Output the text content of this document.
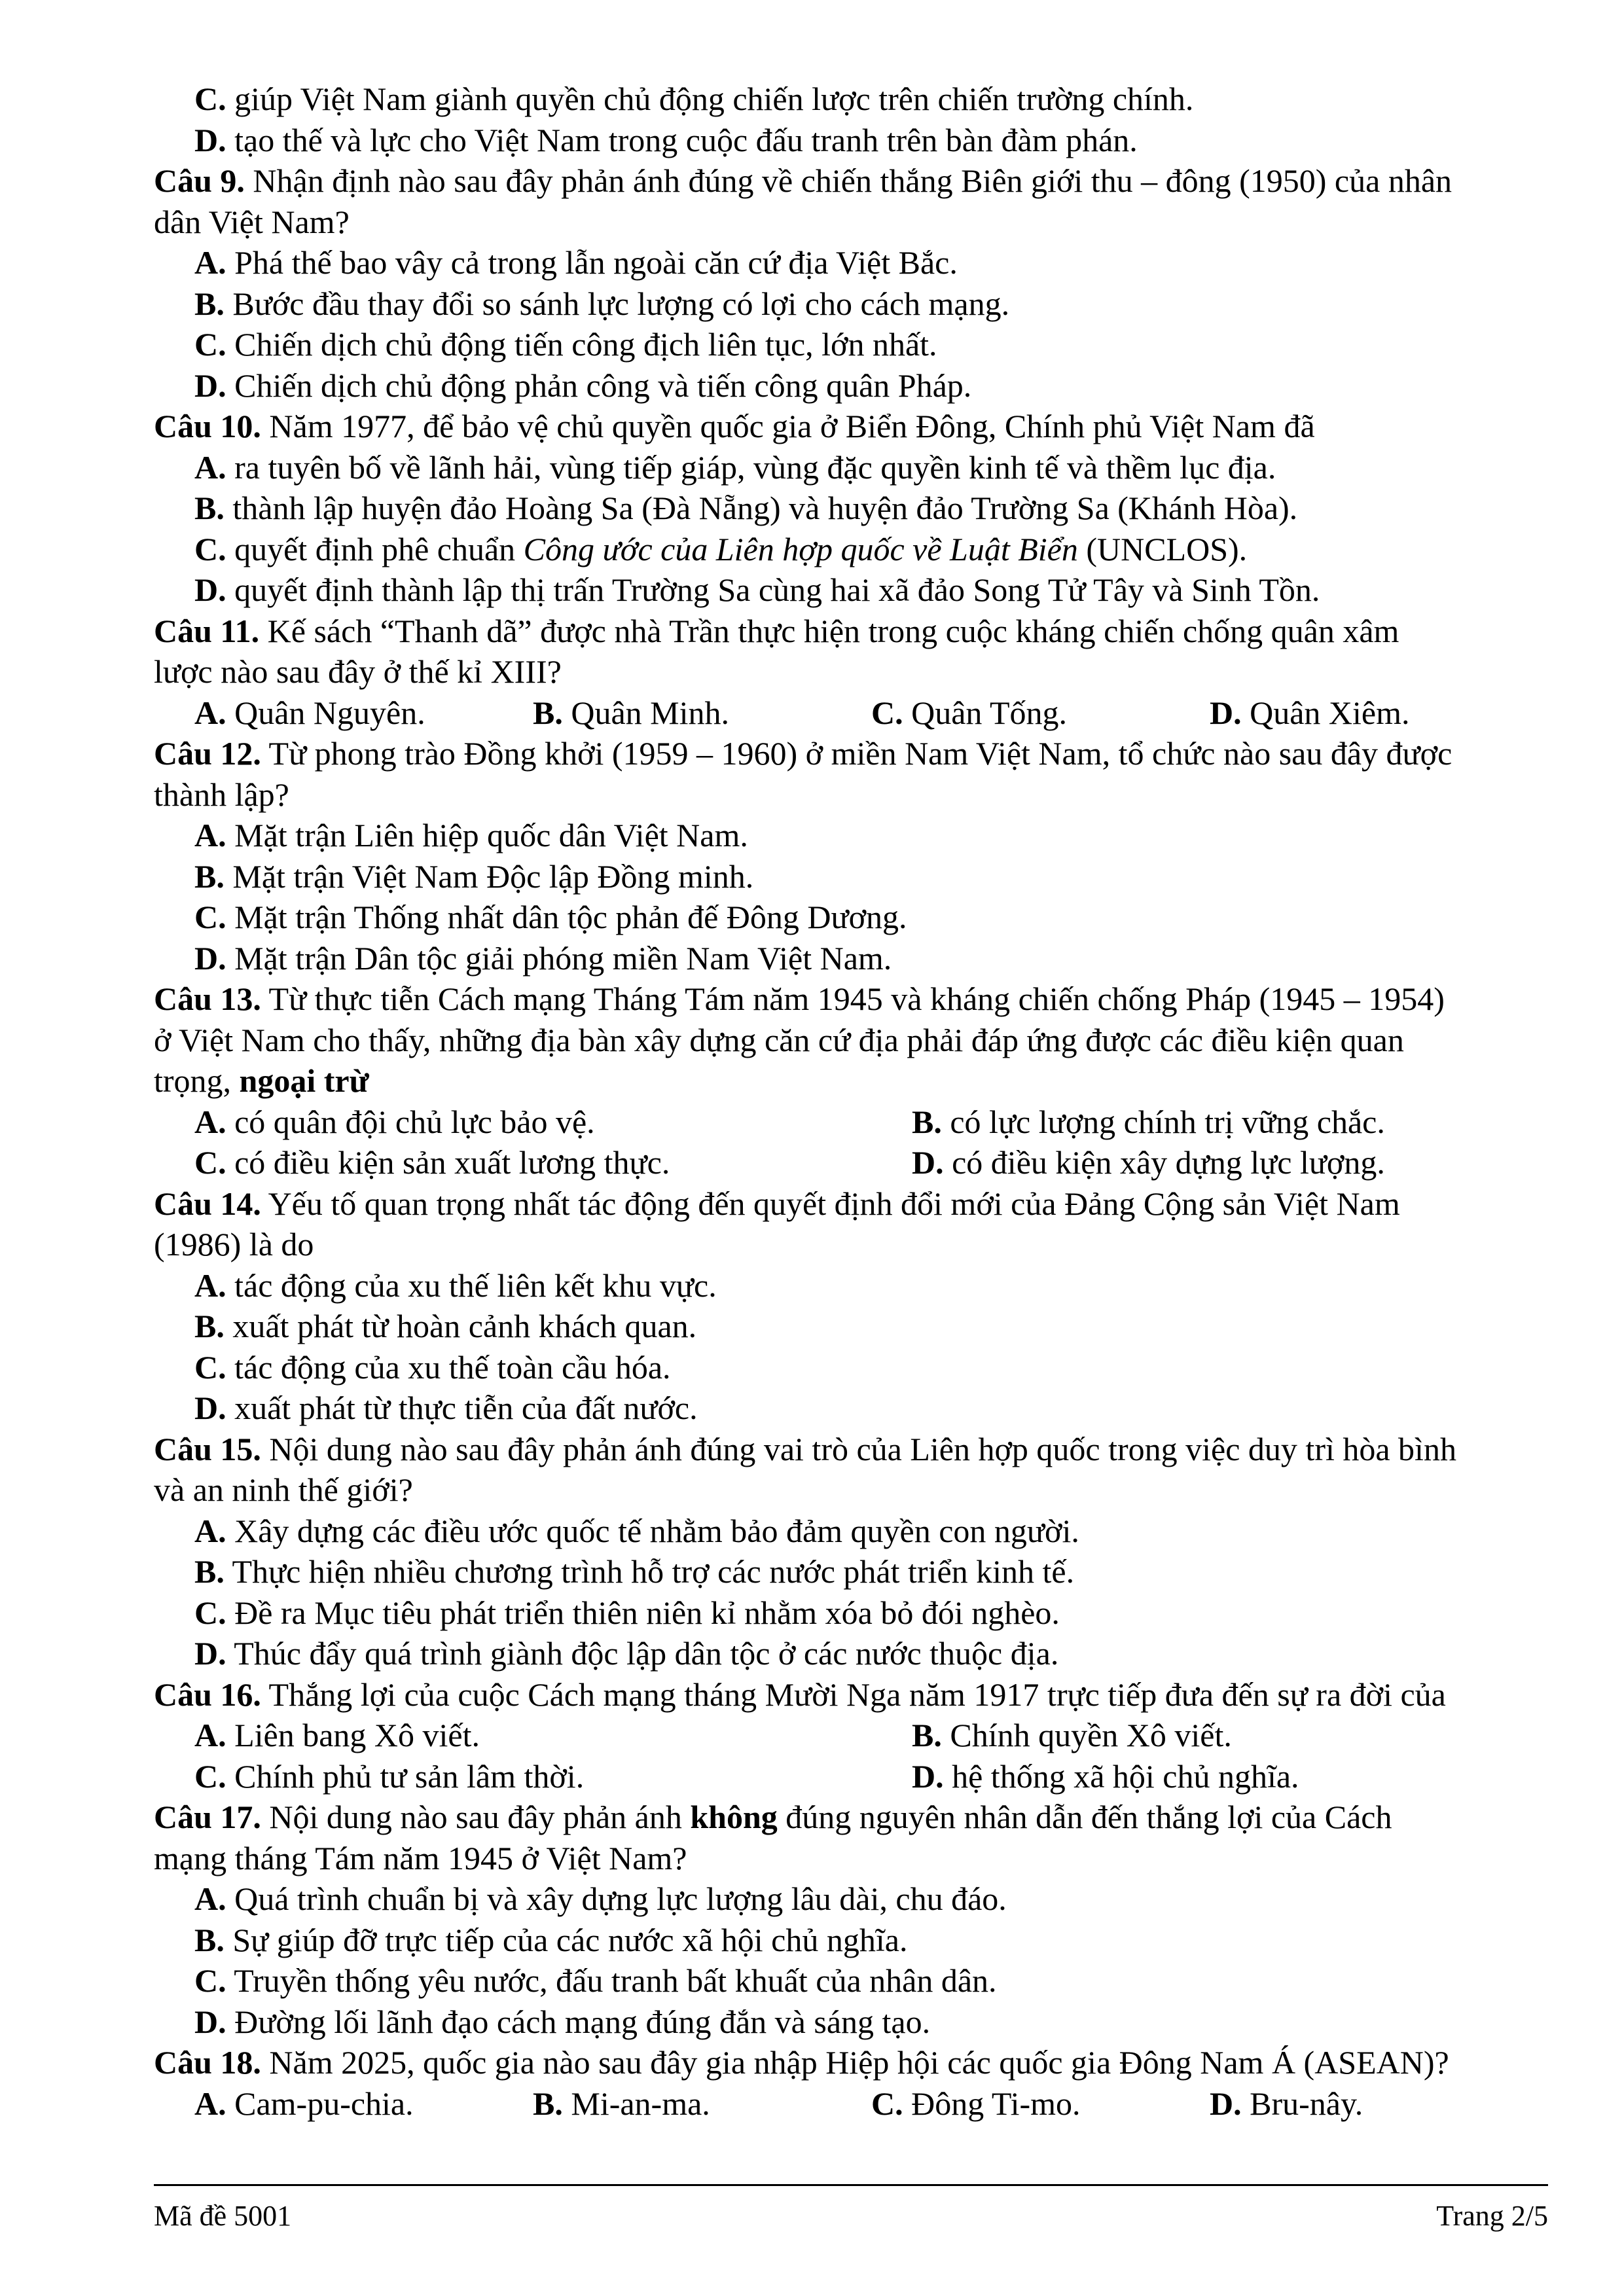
C. giúp Việt Nam giành quyền chủ động chiến lược trên chiến trường chính.
D. tạo thế và lực cho Việt Nam trong cuộc đấu tranh trên bàn đàm phán.
Câu 9. Nhận định nào sau đây phản ánh đúng về chiến thắng Biên giới thu – đông (1950) của nhân
dân Việt Nam?
A. Phá thế bao vây cả trong lẫn ngoài căn cứ địa Việt Bắc.
B. Bước đầu thay đổi so sánh lực lượng có lợi cho cách mạng.
C. Chiến dịch chủ động tiến công địch liên tục, lớn nhất.
D. Chiến dịch chủ động phản công và tiến công quân Pháp.
Câu 10. Năm 1977, để bảo vệ chủ quyền quốc gia ở Biển Đông, Chính phủ Việt Nam đã
A. ra tuyên bố về lãnh hải, vùng tiếp giáp, vùng đặc quyền kinh tế và thềm lục địa.
B. thành lập huyện đảo Hoàng Sa (Đà Nẵng) và huyện đảo Trường Sa (Khánh Hòa).
C. quyết định phê chuẩn Công ước của Liên hợp quốc về Luật Biển (UNCLOS).
D. quyết định thành lập thị trấn Trường Sa cùng hai xã đảo Song Tử Tây và Sinh Tồn.
Câu 11. Kế sách “Thanh dã” được nhà Trần thực hiện trong cuộc kháng chiến chống quân xâm
lược nào sau đây ở thế kỉ XIII?
A. Quân Nguyên.	B. Quân Minh.	C. Quân Tống.	D. Quân Xiêm.
Câu 12. Từ phong trào Đồng khởi (1959 – 1960) ở miền Nam Việt Nam, tổ chức nào sau đây được
thành lập?
A. Mặt trận Liên hiệp quốc dân Việt Nam.
B. Mặt trận Việt Nam Độc lập Đồng minh.
C. Mặt trận Thống nhất dân tộc phản đế Đông Dương.
D. Mặt trận Dân tộc giải phóng miền Nam Việt Nam.
Câu 13. Từ thực tiễn Cách mạng Tháng Tám năm 1945 và kháng chiến chống Pháp (1945 – 1954)
ở Việt Nam cho thấy, những địa bàn xây dựng căn cứ địa phải đáp ứng được các điều kiện quan
trọng, ngoại trừ
A. có quân đội chủ lực bảo vệ.	B. có lực lượng chính trị vững chắc.
C. có điều kiện sản xuất lương thực.	D. có điều kiện xây dựng lực lượng.
Câu 14. Yếu tố quan trọng nhất tác động đến quyết định đổi mới của Đảng Cộng sản Việt Nam
(1986) là do
A. tác động của xu thế liên kết khu vực.
B. xuất phát từ hoàn cảnh khách quan.
C. tác động của xu thế toàn cầu hóa.
D. xuất phát từ thực tiễn của đất nước.
Câu 15. Nội dung nào sau đây phản ánh đúng vai trò của Liên hợp quốc trong việc duy trì hòa bình
và an ninh thế giới?
A. Xây dựng các điều ước quốc tế nhằm bảo đảm quyền con người.
B. Thực hiện nhiều chương trình hỗ trợ các nước phát triển kinh tế.
C. Đề ra Mục tiêu phát triển thiên niên kỉ nhằm xóa bỏ đói nghèo.
D. Thúc đẩy quá trình giành độc lập dân tộc ở các nước thuộc địa.
Câu 16. Thắng lợi của cuộc Cách mạng tháng Mười Nga năm 1917 trực tiếp đưa đến sự ra đời của
A. Liên bang Xô viết.	B. Chính quyền Xô viết.
C. Chính phủ tư sản lâm thời.	D. hệ thống xã hội chủ nghĩa.
Câu 17. Nội dung nào sau đây phản ánh không đúng nguyên nhân dẫn đến thắng lợi của Cách
mạng tháng Tám năm 1945 ở Việt Nam?
A. Quá trình chuẩn bị và xây dựng lực lượng lâu dài, chu đáo.
B. Sự giúp đỡ trực tiếp của các nước xã hội chủ nghĩa.
C. Truyền thống yêu nước, đấu tranh bất khuất của nhân dân.
D. Đường lối lãnh đạo cách mạng đúng đắn và sáng tạo.
Câu 18. Năm 2025, quốc gia nào sau đây gia nhập Hiệp hội các quốc gia Đông Nam Á (ASEAN)?
A. Cam-pu-chia.	B. Mi-an-ma.	C. Đông Ti-mo.	D. Bru-nây.
Mã đề 5001	Trang 2/5
